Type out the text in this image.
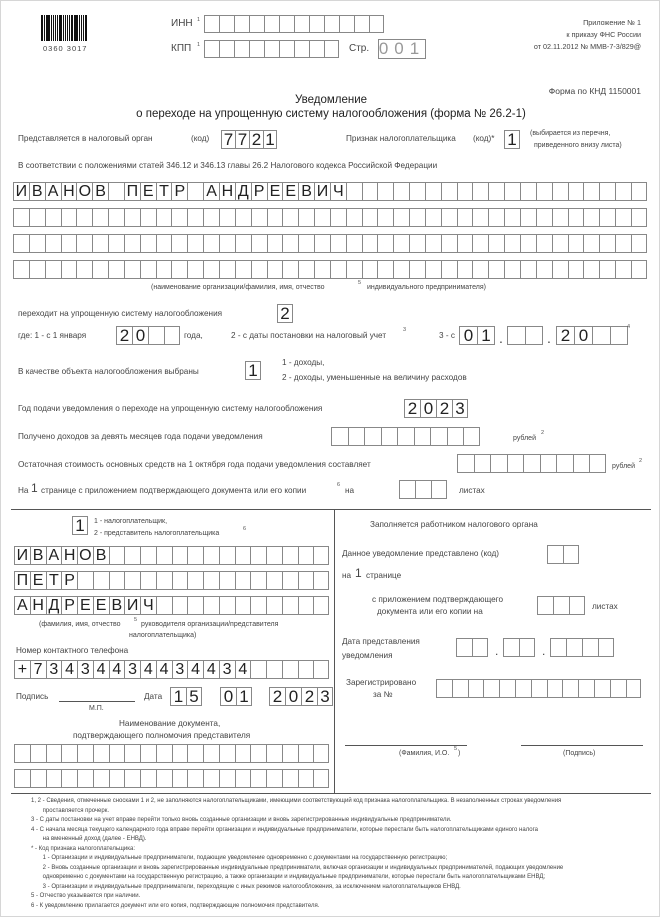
0360 3017
ИНН 1
КПП 1	Стр. 001
Приложение № 1
к приказу ФНС России
от 02.11.2012 № ММВ-7-3/829@
Форма по КНД 1150001
Уведомление
о переходе на упрощенную систему налогообложения (форма № 26.2-1)
Представляется в налоговый орган	(код) 7 7 2 1	Признак налогоплательщика (код)* 1	(выбирается из перечня,
приведенного внизу листа)
В соответствии с положениями статей 346.12 и 346.13 главы 26.2 Налогового кодекса Российской Федерации
И В А Н О В П Е Т Р А Н Д Р Е Е В И Ч
(наименование организации/фамилия, имя, отчество
5
индивидуального предпринимателя)
переходит на упрощенную систему налогообложения	2
где: 1 - с 1 января 2 0	года,	2 - с даты постановки на налоговый учет
3
3 - с 0 1 .	. 2 0	4
В качестве объекта налогообложения выбраны	1	1 - доходы,
2 - доходы, уменьшенные на величину расходов
Год подачи уведомления о переходе на упрощенную систему налогообложения	2 0 2 3
Получено доходов за девять месяцев года подачи уведомления	рублей
2
Остаточная стоимость основных средств на 1 октября года подачи уведомления составляет	рублей
2
На 1 странице с приложением подтверждающего документа или его копии
6
на	листах
1	1 - налогоплательщик,
2 - представитель налогоплательщика
6
И В А Н О В
П Е Т Р
А Н Д Р Е Е В И Ч
(фамилия, имя, отчество
5
руководителя организации/представителя
налогоплательщика)
Номер контактного телефона
+ 7 3 4 3 4 4 3 4 4 3 4 4 3 4
Подпись
М.П.
Дата 1 5 0 1 2 0 2 3
Наименование документа,
подтверждающего полномочия представителя
Заполняется работником налогового органа
Данное уведомление представлено (код)
на 1 странице
с приложением подтверждающего
документа или его копии на
листах
Дата представления
уведомления	.	.
Зарегистрировано
за №
(Фамилия, И.О.
5
)	(Подпись)
1, 2 - Сведения, отмеченные сносками 1 и 2, не заполняются налогоплательщиками, имеющими соответствующий код признака налогоплательщика. В незаполненных строках уведомления
проставляется прочерк.
3 - С даты постановки на учет вправе перейти только вновь созданные организации и вновь зарегистрированные индивидуальные предприниматели.
4 - С начала месяца текущего календарного года вправе перейти организации и индивидуальные предприниматели, которые перестали быть налогоплательщиками единого налога
на вмененный доход (далее - ЕНВД).
* - Код признака налогоплательщика:
1 - Организации и индивидуальные предприниматели, подающие уведомление одновременно с документами на государственную регистрацию;
2 - Вновь созданные организации и вновь зарегистрированные индивидуальные предприниматели, включая организации и индивидуальных предпринимателей, подающих уведомление
одновременно с документами на государственную регистрацию, а также организации и индивидуальные предприниматели, которые перестали быть налогоплательщиками ЕНВД;
3 - Организации и индивидуальные предприниматели, переходящие с иных режимов налогообложения, за исключением налогоплательщиков ЕНВД.
5 - Отчество указывается при наличии.
6 - К уведомлению прилагается документ или его копия, подтверждающие полномочия представителя.
